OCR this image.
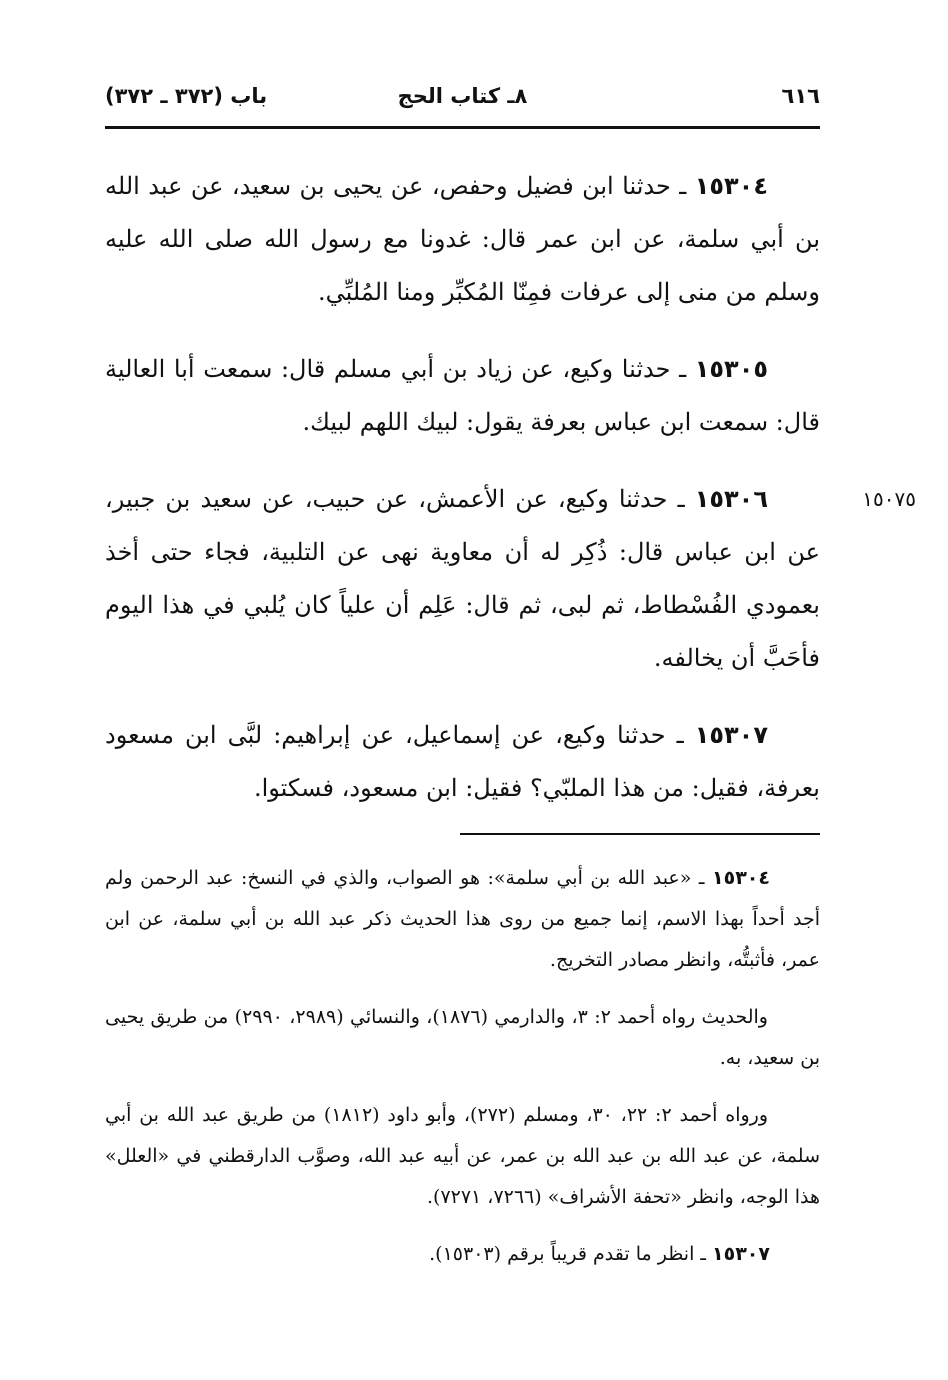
٦١٦
٨ـ كتاب الحج
باب (٣٧٢ ـ ٣٧٢)

١٥٣٠٤ ـ حدثنا ابن فضيل وحفص، عن يحيى بن سعيد، عن عبد الله بن أبي سلمة، عن ابن عمر قال: غدونا مع رسول الله صلى الله عليه وسلم من منى إلى عرفات فمِنّا المُكبِّر ومنا المُلبِّي.

١٥٣٠٥ ـ حدثنا وكيع، عن زياد بن أبي مسلم قال: سمعت أبا العالية قال: سمعت ابن عباس بعرفة يقول: لبيك اللهم لبيك.

١٥٠٧٥
١٥٣٠٦ ـ حدثنا وكيع، عن الأعمش، عن حبيب، عن سعيد بن جبير، عن ابن عباس قال: ذُكِر له أن معاوية نهى عن التلبية، فجاء حتى أخذ بعمودي الفُسْطاط، ثم لبى، ثم قال: عَلِم أن علياً كان يُلبي في هذا اليوم فأحَبَّ أن يخالفه.

١٥٣٠٧ ـ حدثنا وكيع، عن إسماعيل، عن إبراهيم: لبَّى ابن مسعود بعرفة، فقيل: من هذا الملبّي؟ فقيل: ابن مسعود، فسكتوا.

١٥٣٠٤ ـ «عبد الله بن أبي سلمة»: هو الصواب، والذي في النسخ: عبد الرحمن ولم أجد أحداً بهذا الاسم، إنما جميع من روى هذا الحديث ذكر عبد الله بن أبي سلمة، عن ابن عمر، فأثبتُّه، وانظر مصادر التخريج.

والحديث رواه أحمد ٢: ٣، والدارمي (١٨٧٦)، والنسائي (٢٩٨٩، ٢٩٩٠) من طريق يحيى بن سعيد، به.

ورواه أحمد ٢: ٢٢، ٣٠، ومسلم (٢٧٢)، وأبو داود (١٨١٢) من طريق عبد الله بن أبي سلمة، عن عبد الله بن عبد الله بن عمر، عن أبيه عبد الله، وصوَّب الدارقطني في «العلل» هذا الوجه، وانظر «تحفة الأشراف» (٧٢٦٦، ٧٢٧١).

١٥٣٠٧ ـ انظر ما تقدم قريباً برقم (١٥٣٠٣).
